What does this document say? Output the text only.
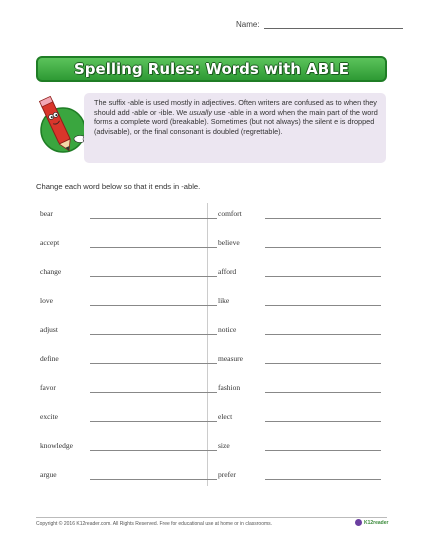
Name:
Spelling Rules: Words with ABLE
The suffix -able is used mostly in adjectives. Often writers are confused as to when they should add -able or -ible. We usually use -able in a word when the main part of the word forms a complete word (breakable). Sometimes (but not always) the silent e is dropped (advisable), or the final consonant is doubled (regrettable).
Change each word below so that it ends in -able.
bear
accept
change
love
adjust
define
favor
excite
knowledge
argue
comfort
believe
afford
like
notice
measure
fashion
elect
size
prefer
Copyright © 2016 K12reader.com. All Rights Reserved. Free for educational use at home or in classrooms.	K12reader
